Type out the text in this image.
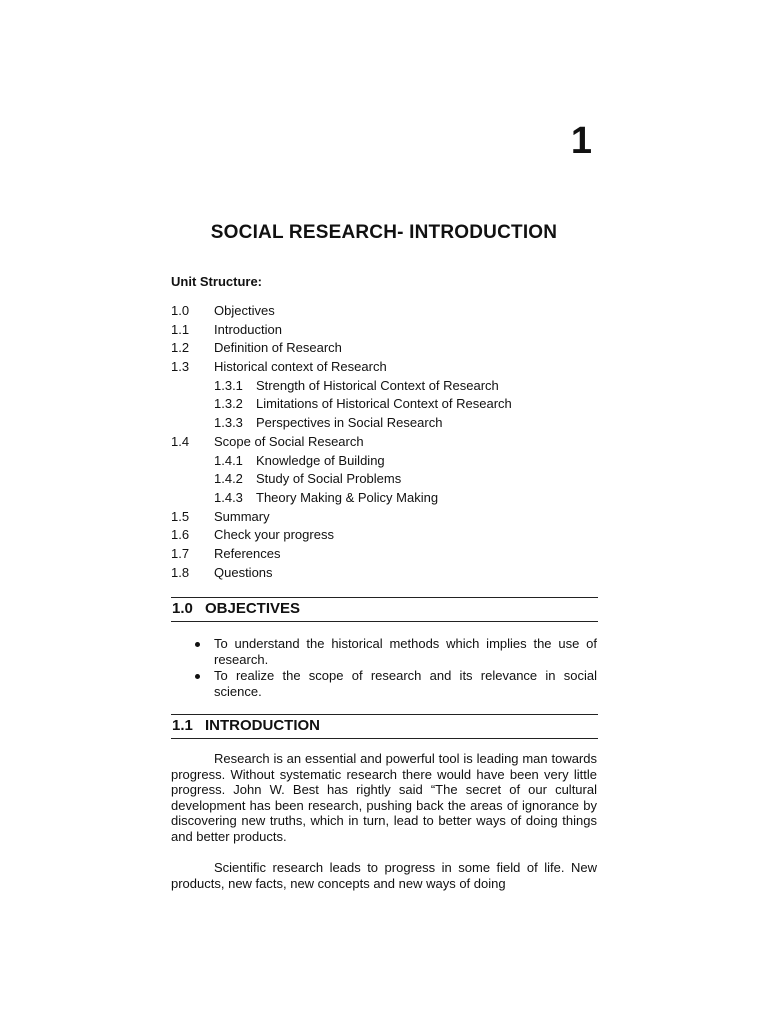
1
SOCIAL RESEARCH- INTRODUCTION
Unit Structure:
1.0	Objectives
1.1	Introduction
1.2	Definition of Research
1.3	Historical context of Research
1.3.1	Strength of Historical Context of Research
1.3.2	Limitations of Historical Context of Research
1.3.3	Perspectives in Social Research
1.4	Scope of Social Research
1.4.1	Knowledge of Building
1.4.2	Study of Social Problems
1.4.3	Theory Making & Policy Making
1.5	Summary
1.6	Check your progress
1.7	References
1.8	Questions
1.0 OBJECTIVES
To understand the historical methods which implies the use of research.
To realize the scope of research and its relevance in social science.
1.1 INTRODUCTION

Research is an essential and powerful tool is leading man towards progress. Without systematic research there would have been very little progress. John W. Best has rightly said “The secret of our cultural development has been research, pushing back the areas of ignorance by discovering new truths, which in turn, lead to better ways of doing things and better products.

Scientific research leads to progress in some field of life. New products, new facts, new concepts and new ways of doing
